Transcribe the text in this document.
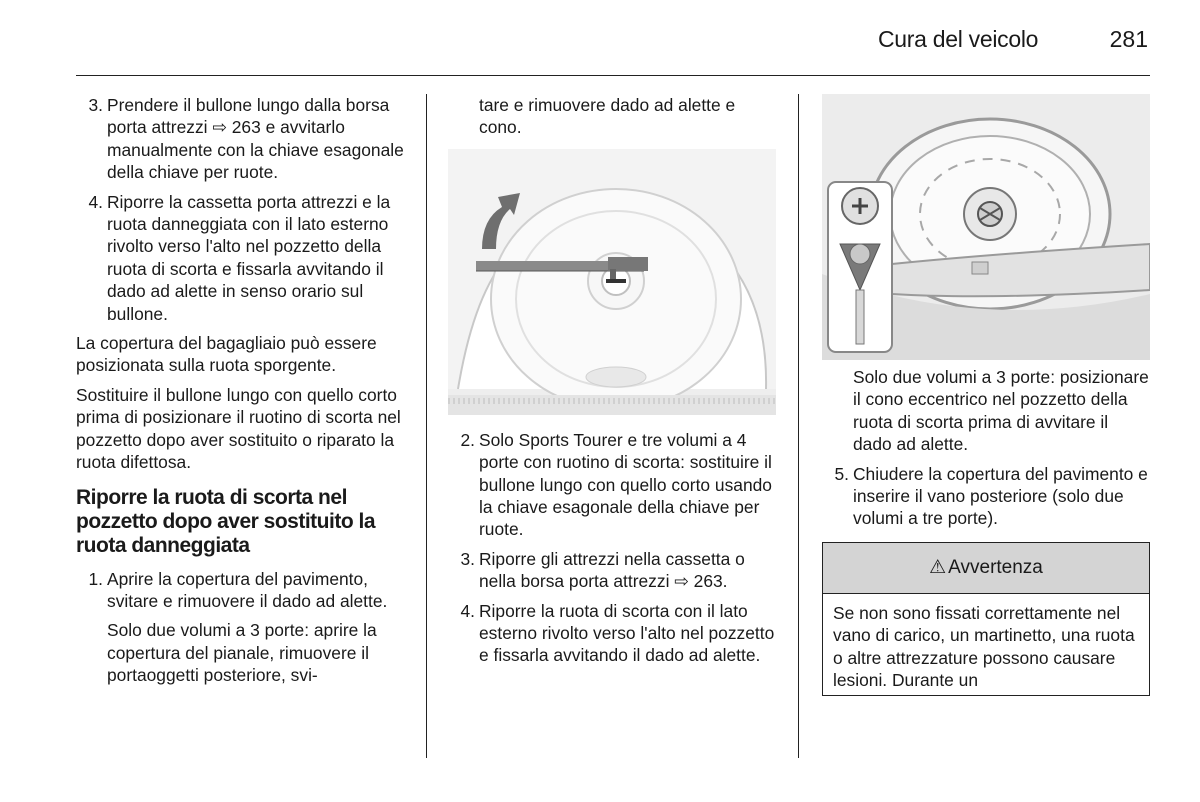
Cura del veicolo	281
3. Prendere il bullone lungo dalla borsa porta attrezzi ⇨ 263 e avvitarlo manualmente con la chiave esagonale della chiave per ruote.
4. Riporre la cassetta porta attrezzi e la ruota danneggiata con il lato esterno rivolto verso l'alto nel pozzetto della ruota di scorta e fissarla avvitando il dado ad alette in senso orario sul bullone.

La copertura del bagagliaio può essere posizionata sulla ruota sporgente.

Sostituire il bullone lungo con quello corto prima di posizionare il ruotino di scorta nel pozzetto dopo aver sostituito o riparato la ruota difettosa.

Riporre la ruota di scorta nel pozzetto dopo aver sostituito la ruota danneggiata
1. Aprire la copertura del pavimento, svitare e rimuovere il dado ad alette.

Solo due volumi a 3 porte: aprire la copertura del pianale, rimuovere il portaoggetti posteriore, svi-

tare e rimuovere dado ad alette e cono.

2. Solo Sports Tourer e tre volumi a 4 porte con ruotino di scorta: sostituire il bullone lungo con quello corto usando la chiave esagonale della chiave per ruote.
3. Riporre gli attrezzi nella cassetta o nella borsa porta attrezzi ⇨ 263.
4. Riporre la ruota di scorta con il lato esterno rivolto verso l'alto nel pozzetto e fissarla avvitando il dado ad alette.

Solo due volumi a 3 porte: posizionare il cono eccentrico nel pozzetto della ruota di scorta prima di avvitare il dado ad alette.

5. Chiudere la copertura del pavimento e inserire il vano posteriore (solo due volumi a tre porte).
⚠ Avvertenza
Se non sono fissati correttamente nel vano di carico, un martinetto, una ruota o altre attrezzature possono causare lesioni. Durante un
